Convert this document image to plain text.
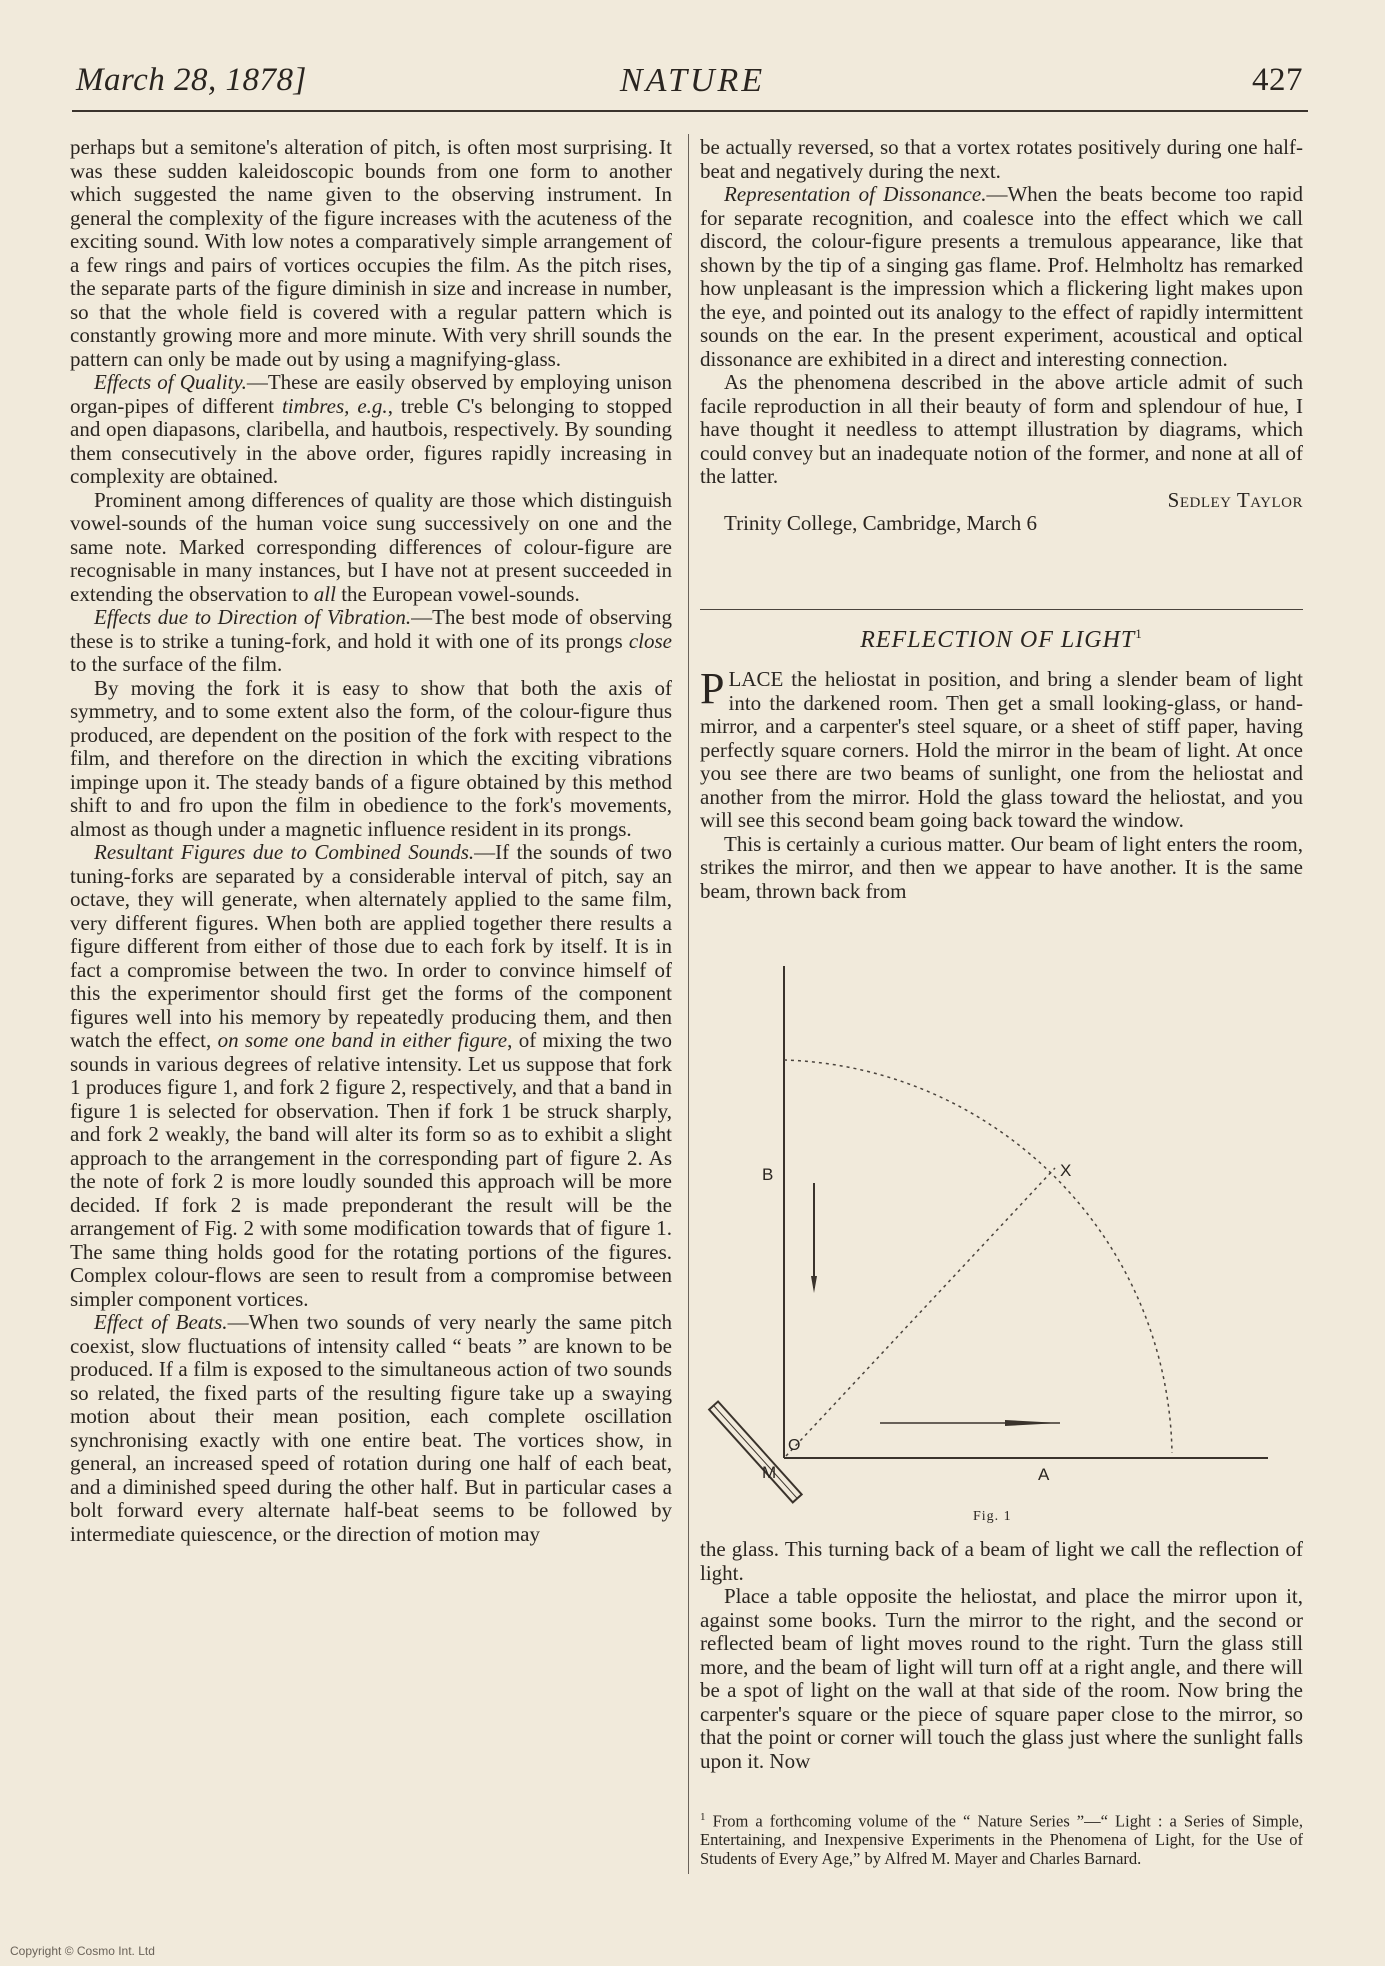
March 28, 1878]	NATURE	427

perhaps but a semitone's alteration of pitch, is often most surprising. It was these sudden kaleidoscopic bounds from one form to another which suggested the name given to the observing instrument. In general the complexity of the figure increases with the acuteness of the exciting sound. With low notes a comparatively simple arrangement of a few rings and pairs of vortices occupies the film. As the pitch rises, the separate parts of the figure diminish in size and increase in number, so that the whole field is covered with a regular pattern which is constantly growing more and more minute. With very shrill sounds the pattern can only be made out by using a magnifying-glass.

Effects of Quality.—These are easily observed by employing unison organ-pipes of different timbres, e.g., treble C's belonging to stopped and open diapasons, claribella, and hautbois, respectively. By sounding them consecutively in the above order, figures rapidly increasing in complexity are obtained.

Prominent among differences of quality are those which distinguish vowel-sounds of the human voice sung successively on one and the same note. Marked corresponding differences of colour-figure are recognisable in many instances, but I have not at present succeeded in extending the observation to all the European vowel-sounds.

Effects due to Direction of Vibration.—The best mode of observing these is to strike a tuning-fork, and hold it with one of its prongs close to the surface of the film.

By moving the fork it is easy to show that both the axis of symmetry, and to some extent also the form, of the colour-figure thus produced, are dependent on the position of the fork with respect to the film, and therefore on the direction in which the exciting vibrations impinge upon it. The steady bands of a figure obtained by this method shift to and fro upon the film in obedience to the fork's movements, almost as though under a magnetic influence resident in its prongs.

Resultant Figures due to Combined Sounds.—If the sounds of two tuning-forks are separated by a considerable interval of pitch, say an octave, they will generate, when alternately applied to the same film, very different figures. When both are applied together there results a figure different from either of those due to each fork by itself. It is in fact a compromise between the two. In order to convince himself of this the experimentor should first get the forms of the component figures well into his memory by repeatedly producing them, and then watch the effect, on some one band in either figure, of mixing the two sounds in various degrees of relative intensity. Let us suppose that fork 1 produces figure 1, and fork 2 figure 2, respectively, and that a band in figure 1 is selected for observation. Then if fork 1 be struck sharply, and fork 2 weakly, the band will alter its form so as to exhibit a slight approach to the arrangement in the corresponding part of figure 2. As the note of fork 2 is more loudly sounded this approach will be more decided. If fork 2 is made preponderant the result will be the arrangement of Fig. 2 with some modification towards that of figure 1. The same thing holds good for the rotating portions of the figures. Complex colour-flows are seen to result from a compromise between simpler component vortices.

Effect of Beats.—When two sounds of very nearly the same pitch coexist, slow fluctuations of intensity called “ beats ” are known to be produced. If a film is exposed to the simultaneous action of two sounds so related, the fixed parts of the resulting figure take up a swaying motion about their mean position, each complete oscillation synchronising exactly with one entire beat. The vortices show, in general, an increased speed of rotation during one half of each beat, and a diminished speed during the other half. But in particular cases a bolt forward every alternate half-beat seems to be followed by intermediate quiescence, or the direction of motion may

be actually reversed, so that a vortex rotates positively during one half-beat and negatively during the next.

Representation of Dissonance.—When the beats become too rapid for separate recognition, and coalesce into the effect which we call discord, the colour-figure presents a tremulous appearance, like that shown by the tip of a singing gas flame. Prof. Helmholtz has remarked how unpleasant is the impression which a flickering light makes upon the eye, and pointed out its analogy to the effect of rapidly intermittent sounds on the ear. In the present experiment, acoustical and optical dissonance are exhibited in a direct and interesting connection.

As the phenomena described in the above article admit of such facile reproduction in all their beauty of form and splendour of hue, I have thought it needless to attempt illustration by diagrams, which could convey but an inadequate notion of the former, and none at all of the latter.

Sedley Taylor

Trinity College, Cambridge, March 6

REFLECTION OF LIGHT$^1$

PLACE the heliostat in position, and bring a slender beam of light into the darkened room. Then get a small looking-glass, or hand-mirror, and a carpenter's steel square, or a sheet of stiff paper, having perfectly square corners. Hold the mirror in the beam of light. At once you see there are two beams of sunlight, one from the heliostat and another from the mirror. Hold the glass toward the heliostat, and you will see this second beam going back toward the window.

This is certainly a curious matter. Our beam of light enters the room, strikes the mirror, and then we appear to have another. It is the same beam, thrown back from

B	X
O
M	A
Fig. 1

the glass. This turning back of a beam of light we call the reflection of light.

Place a table opposite the heliostat, and place the mirror upon it, against some books. Turn the mirror to the right, and the second or reflected beam of light moves round to the right. Turn the glass still more, and the beam of light will turn off at a right angle, and there will be a spot of light on the wall at that side of the room. Now bring the carpenter's square or the piece of square paper close to the mirror, so that the point or corner will touch the glass just where the sunlight falls upon it. Now

$^1$ From a forthcoming volume of the “ Nature Series ”—“ Light : a Series of Simple, Entertaining, and Inexpensive Experiments in the Phenomena of Light, for the Use of Students of Every Age,” by Alfred M. Mayer and Charles Barnard.
Copyright © Cosmo Int. Ltd
